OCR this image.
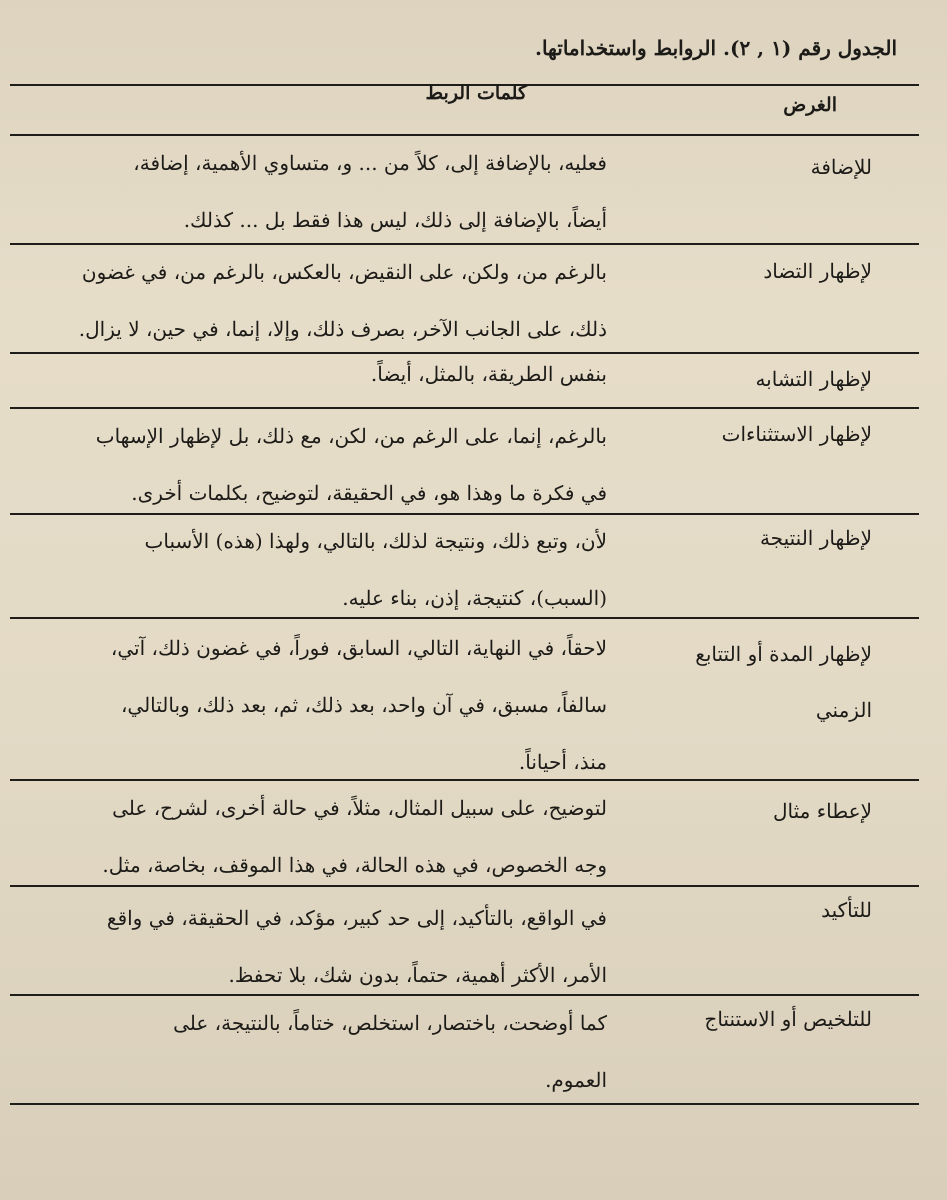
الجدول رقم (١ , ٢). الروابط واستخداماتها.
الغرض
كلمات الربط
للإضافة
فعليه، بالإضافة إلى، كلاً من ... و، متساوي الأهمية، إضافة،
أيضاً، بالإضافة إلى ذلك، ليس هذا فقط بل ... كذلك.
لإظهار التضاد
بالرغم من، ولكن، على النقيض، بالعكس، بالرغم من، في غضون
ذلك، على الجانب الآخر، بصرف ذلك، وإلا، إنما، في حين، لا يزال.
لإظهار التشابه
بنفس الطريقة، بالمثل، أيضاً.
لإظهار الاستثناءات
بالرغم، إنما، على الرغم من، لكن، مع ذلك، بل لإظهار الإسهاب
في فكرة ما وهذا هو، في الحقيقة، لتوضيح، بكلمات أخرى.
لإظهار النتيجة
لأن، وتبع ذلك، ونتيجة لذلك، بالتالي، ولهذا (هذه) الأسباب
(السبب)، كنتيجة، إذن، بناء عليه.
لإظهار المدة أو التتابع الزمني
لاحقاً، في النهاية، التالي، السابق، فوراً، في غضون ذلك، آتي،
سالفاً، مسبق، في آن واحد، بعد ذلك، ثم، بعد ذلك، وبالتالي،
منذ، أحياناً.
لإعطاء مثال
لتوضيح، على سبيل المثال، مثلاً، في حالة أخرى، لشرح، على
وجه الخصوص، في هذه الحالة، في هذا الموقف، بخاصة، مثل.
للتأكيد
في الواقع، بالتأكيد، إلى حد كبير، مؤكد، في الحقيقة، في واقع
الأمر، الأكثر أهمية، حتماً، بدون شك، بلا تحفظ.
للتلخيص أو الاستنتاج
كما أوضحت، باختصار، استخلص، ختاماً، بالنتيجة، على
العموم.
